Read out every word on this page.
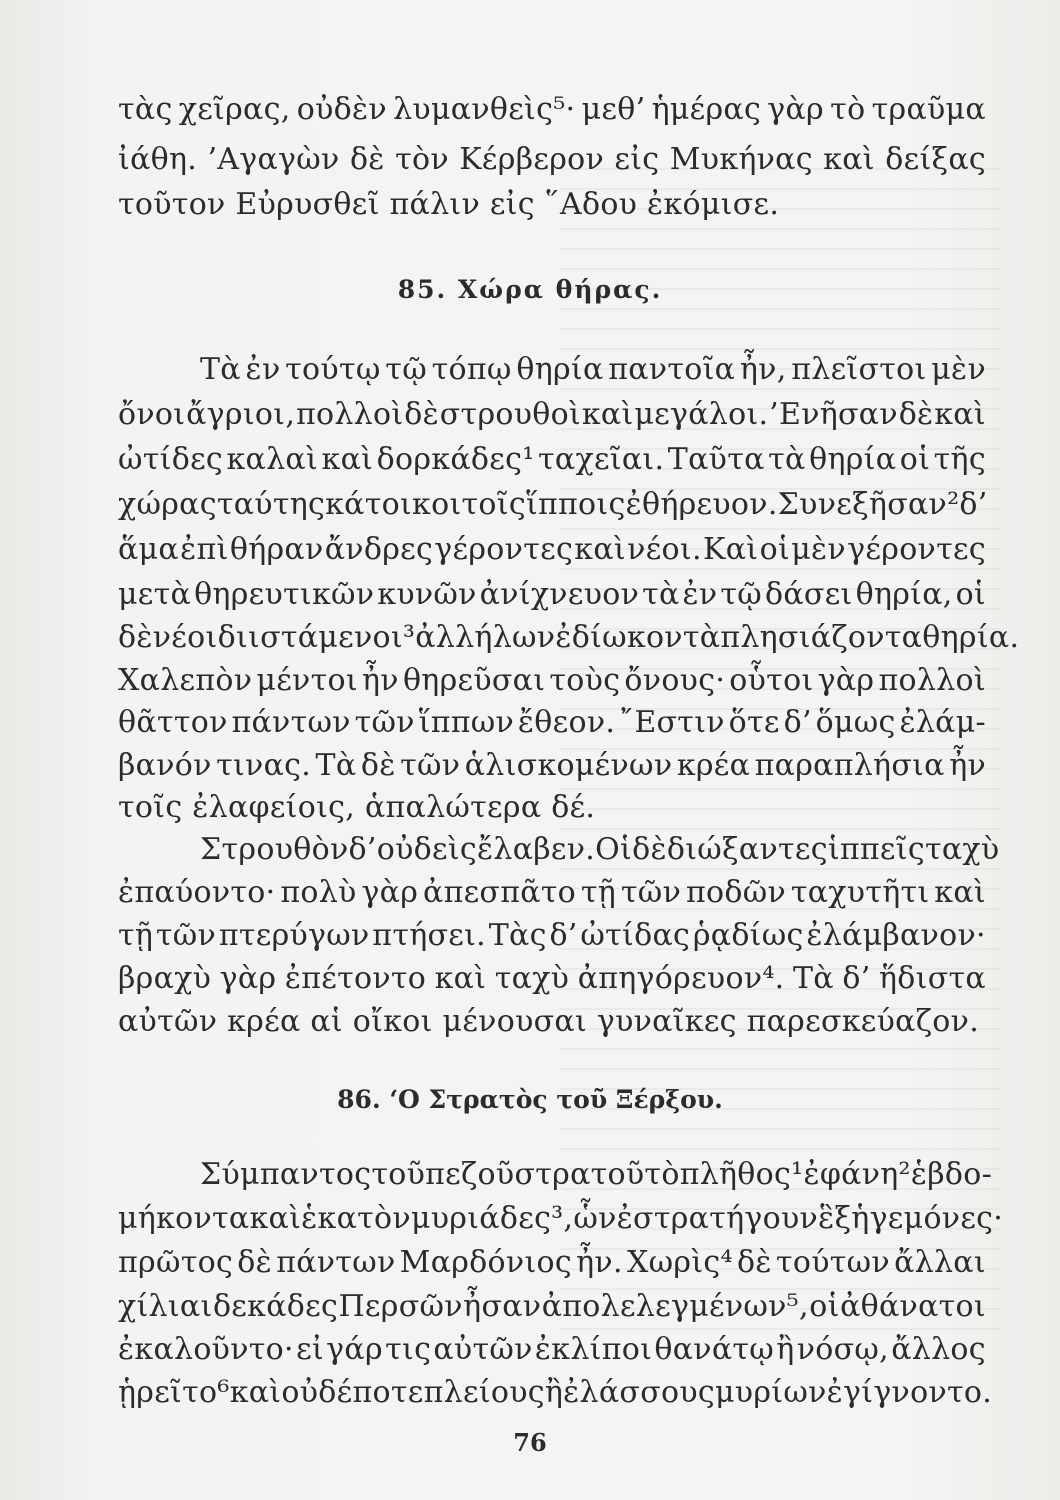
τὰς χεῖρας, οὐδὲν λυμανθεὶς⁵· μεθ’ ἡμέρας γὰρ τὸ τραῦμα
ἰάθη. ’Αγαγὼν δὲ τὸν Κέρβερον εἰς Μυκήνας καὶ δείξας
τοῦτον Εὐρυσθεῖ πάλιν εἰς ῞Αδου ἐκόμισε.
85. Χώρα θήρας.
Τὰ ἐν τούτῳ τῷ τόπῳ θηρία παντοῖα ἦν, πλεῖστοι μὲν
ὄνοι ἄγριοι, πολλοὶ δὲ στρουθοὶ καὶ μεγάλοι. ’Ενῆσαν δὲ καὶ
ὠτίδες καλαὶ καὶ δορκάδες¹ ταχεῖαι. Ταῦτα τὰ θηρία οἱ τῆς
χώρας ταύτης κάτοικοι τοῖς ἵπποις ἐθήρευον. Συνεξῆσαν² δ’
ἅμα ἐπὶ θήραν ἄνδρες γέροντες καὶ νέοι. Καὶ οἱ μὲν γέροντες
μετὰ θηρευτικῶν κυνῶν ἀνίχνευον τὰ ἐν τῷ δάσει θηρία, οἱ
δὲ νέοι διιστάμενοι³ ἀλλήλων ἐδίωκον τὰ πλησιάζοντα θηρία.
Χαλεπὸν μέντοι ἦν θηρεῦσαι τοὺς ὄνους· οὗτοι γὰρ πολλοὶ
θᾶττον πάντων τῶν ἵππων ἔθεον. ῎Εστιν ὅτε δ’ ὅμως ἐλάμ-
βανόν τινας. Τὰ δὲ τῶν ἁλισκομένων κρέα παραπλήσια ἦν
τοῖς ἐλαφείοις, ἁπαλώτερα δέ.
Στρουθὸν δ’ οὐδεὶς ἔλαβεν. Οἱ δὲ διώξαντες ἱππεῖς ταχὺ
ἐπαύοντο· πολὺ γὰρ ἀπεσπᾶτο τῇ τῶν ποδῶν ταχυτῆτι καὶ
τῇ τῶν πτερύγων πτήσει. Τὰς δ’ ὠτίδας ῥᾳδίως ἐλάμβανον·
βραχὺ γὰρ ἐπέτοντο καὶ ταχὺ ἀπηγόρευον⁴. Τὰ δ’ ἥδιστα
αὐτῶν κρέα αἱ οἴκοι μένουσαι γυναῖκες παρεσκεύαζον.
86. ‘Ο Στρατὸς τοῦ Ξέρξου.
Σύμπαντος τοῦ πεζοῦ στρατοῦ τὸ πλῆθος¹ ἐφάνη² ἑβδο-
μήκοντα καὶ ἑκατὸν μυριάδες³, ὧν ἐστρατήγουν ἓξ ἡγεμόνες·
πρῶτος δὲ πάντων Μαρδόνιος ἦν. Χωρὶς⁴ δὲ τούτων ἄλλαι
χίλιαι δεκάδες Περσῶν ἦσαν ἀπολελεγμένων⁵, οἱ ἀθάνατοι
ἐκαλοῦντο· εἰ γάρ τις αὐτῶν ἐκλίποι θανάτῳ ἢ νόσῳ, ἄλλος
ᾑρεῖτο⁶ καὶ οὐδέποτε πλείους ἢ ἐλάσσους μυρίων ἐγίγνοντο.
76
